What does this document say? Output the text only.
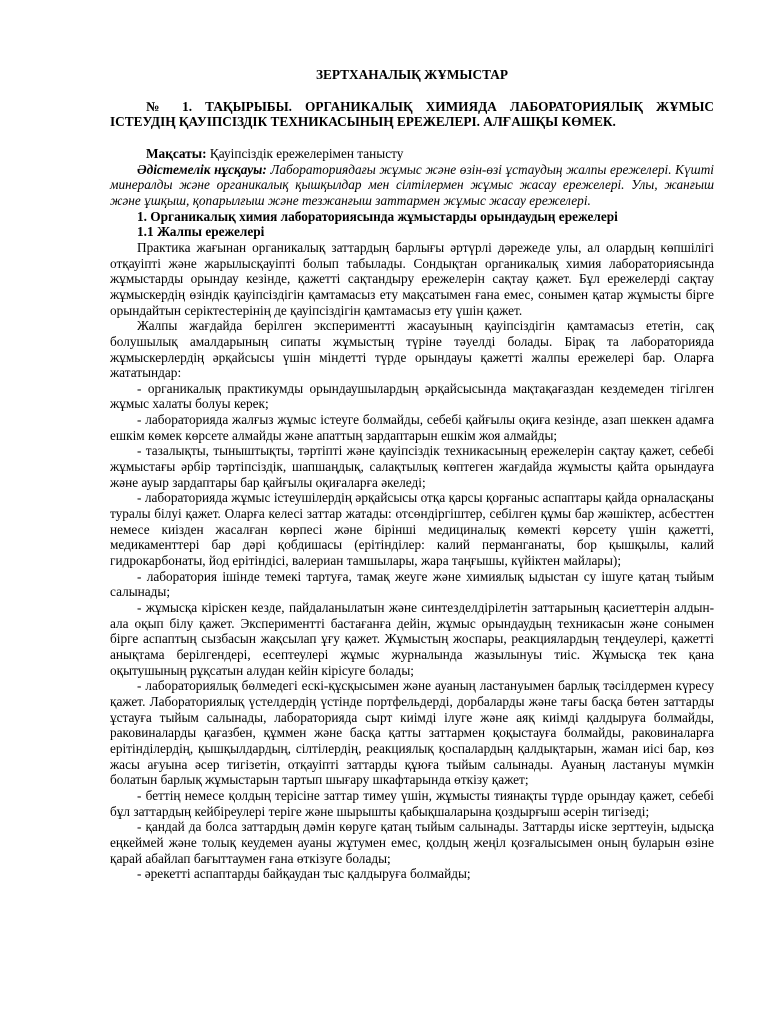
ЗЕРТХАНАЛЫҚ ЖҰМЫСТАР
№ 1. ТАҚЫРЫБЫ. ОРГАНИКАЛЫҚ ХИМИЯДА ЛАБОРАТОРИЯЛЫҚ ЖҰМЫС ІСТЕУДІҢ ҚАУІПСІЗДІК ТЕХНИКАСЫНЫҢ ЕРЕЖЕЛЕРІ. АЛҒАШҚЫ КӨМЕК.
Мақсаты: Қауіпсіздік ережелерімен танысту
Әдістемелік нұсқауы: Лабораториядағы жұмыс және өзін-өзі ұстаудың жалпы ережелері. Күшті минералды және органикалық қышқылдар мен сілтілермен жұмыс жасау ережелері. Улы, жанғыш және ұшқыш, қопарылғыш және тезжанғыш заттармен жұмыс жасау ережелері.
1. Органикалық химия лабораториясында жұмыстарды орындаудың ережелері
1.1 Жалпы ережелері

Практика жағынан органикалық заттардың барлығы әртүрлі дәрежеде улы, ал олардың көпшілігі отқауіпті және жарылысқауіпті болып табылады. Сондықтан органикалық химия лабораториясында жұмыстарды орындау кезінде, қажетті сақтандыру ережелерін сақтау қажет. Бұл ережелерді сақтау жұмыскердің өзіндік қауіпсіздігін қамтамасыз ету мақсатымен ғана емес, сонымен қатар жұмысты бірге орындайтын серіктестерінің де қауіпсіздігін қамтамасыз ету үшін қажет.

Жалпы жағдайда берілген экспериментті жасауының қауіпсіздігін қамтамасыз ететін, сақ болушылық амалдарының сипаты жұмыстың түріне тәуелді болады. Бірақ та лабораторияда жұмыскерлердің әрқайсысы үшін міндетті түрде орындауы қажетті жалпы ережелері бар. Оларға жататындар:

- органикалық практикумды орындаушылардың әрқайсысында мақтақағаздан кездемеден тігілген жұмыс халаты болуы керек;

- лабораторияда жалғыз жұмыс істеуге болмайды, себебі қайғылы оқиға кезінде, азап шеккен адамға ешкім көмек көрсете алмайды және апаттың зардаптарын ешкім жоя алмайды;

- тазалықты, тыныштықты, тәртіпті және қауіпсіздік техникасының ережелерін сақтау қажет, себебі жұмыстағы әрбір тәртіпсіздік, шапшаңдық, салақтылық көптеген жағдайда жұмысты қайта орындауға және ауыр зардаптары бар қайғылы оқиғаларға әкеледі;

- лабораторияда жұмыс істеушілердің әрқайсысы отқа қарсы қорғаныс аспаптары қайда орналасқаны туралы білуі қажет. Оларға келесі заттар жатады: отсөндіргіштер, себілген құмы бар жәшіктер, асбесттен немесе киізден жасалған көрпесі және бірінші медициналық көмекті көрсету үшін қажетті, медикаменттері бар дәрі қобдишасы (ерітінділер: калий перманганаты, бор қышқылы, калий гидрокарбонаты, йод ерітіндісі, валериан тамшылары, жара таңғышы, күйіктен майлары);

- лаборатория ішінде темекі тартуға, тамақ жеуге және химиялық ыдыстан су ішуге қатаң тыйым салынады;

- жұмысқа кірiскен кезде, пайдаланылатын және синтезделдірілетін заттарының қасиеттерін алдын-ала оқып білу қажет. Экспериментті бастағанға дейін, жұмыс орындаудың техникасын және сонымен бірге аспаптың сызбасын жақсылап ұғу қажет. Жұмыстың жоспары, реакциялардың теңдеулері, қажетті анықтама берілгендері, есептеулері жұмыс журналында жазылынуы тиіс. Жұмысқа тек қана оқытушының рұқсатын алудан кейін кірісуге болады;

- лабораториялық бөлмедегі ескі-құсқысымен және ауаның ластануымен барлық тәсілдермен күресу қажет. Лабораториялық үстелдердің үстінде портфельдерді, дорбаларды және тағы басқа бөтен заттарды ұстауға тыйым салынады, лабораторияда сырт киімді ілуге және аяқ киімді қалдыруға болмайды, раковиналарды қағазбен, құммен және басқа қатты заттармен қоқыстауға болмайды, раковиналарға ерітіндiлердің, қышқылдардың, сілтілердің, реакциялық қоспалардың қалдықтарын, жаман иісі бар, көз жасы ағуына әсер тигізетін, отқауіпті заттарды құюға тыйым салынады. Ауаның ластануы мүмкін болатын барлық жұмыстарын тартып шығару шкафтарында өткізу қажет;

- беттің немесе қолдың терісіне заттар тимеу үшін, жұмысты тиянақты түрде орындау қажет, себебі бұл заттардың кейбіреулері теріге және шырышты қабықшаларына қоздырғыш әсерін тигізеді;

- қандай да болса заттардың дәмін көруге қатаң тыйым салынады. Заттарды иіске зерттеуін, ыдысқа еңкеймей және толық кеудемен ауаны жұтумен емес, қолдың жеңіл қозғалысымен оның буларын өзіне қарай абайлап бағыттаумен ғана өткізуге болады;

- әрекетті аспаптарды байқаудан тыс қалдыруға болмайды;
